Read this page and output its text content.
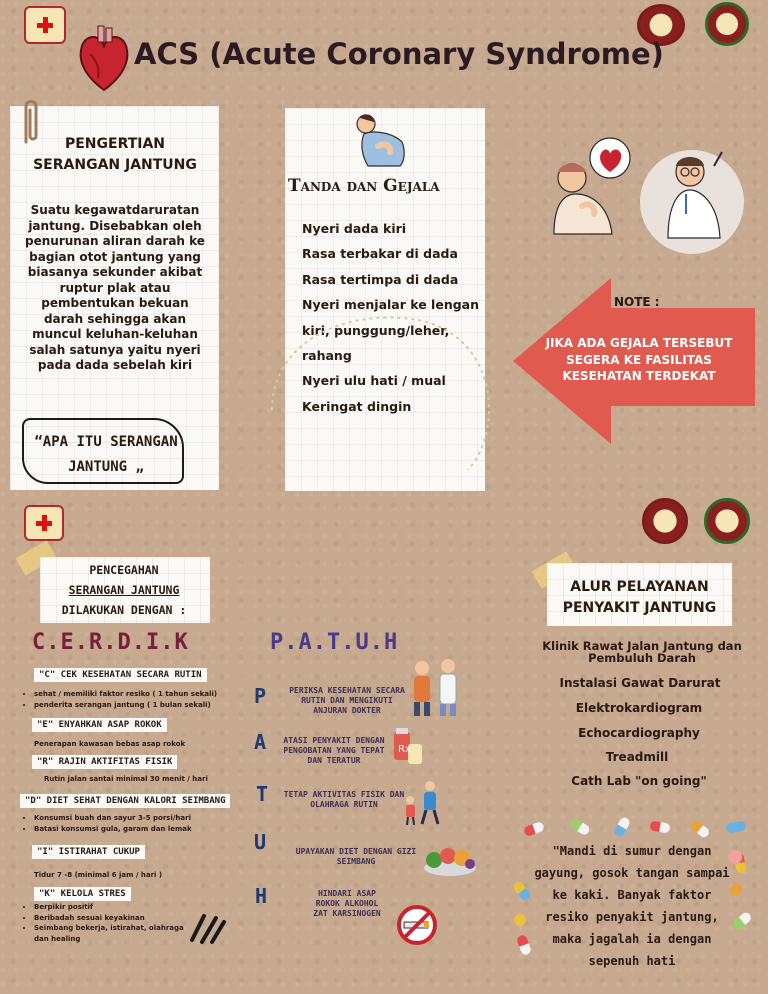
ACS (Acute Coronary Syndrome)
PENGERTIAN
SERANGAN JANTUNG
Suatu kegawatdaruratan jantung. Disebabkan oleh penurunan aliran darah ke bagian otot jantung yang biasanya sekunder akibat ruptur plak atau pembentukan bekuan darah sehingga akan muncul keluhan-keluhan salah satunya yaitu nyeri pada dada sebelah kiri
“APA ITU SERANGAN
JANTUNG „
Tanda dan Gejala
Nyeri dada kiri
Rasa terbakar di dada
Rasa tertimpa di dada
Nyeri menjalar ke lengan
kiri, punggung/leher,
rahang
Nyeri ulu hati / mual
Keringat dingin
NOTE :
JIKA ADA GEJALA TERSEBUT SEGERA KE FASILITAS KESEHATAN TERDEKAT
PENCEGAHAN
SERANGAN JANTUNG
DILAKUKAN DENGAN :
C.E.R.D.I.K
"C" CEK KESEHATAN SECARA RUTIN
• sehat / memiliki faktor resiko ( 1 tahun sekali)
• penderita serangan jantung ( 1 bulan sekali)
"E" ENYAHKAN ASAP ROKOK
Penerapan kawasan bebas asap rokok
"R" RAJIN AKTIFITAS FISIK
Rutin jalan santai minimal 30 menit / hari
"D" DIET SEHAT DENGAN KALORI SEIMBANG
• Konsumsi buah dan sayur 3-5 porsi/hari
• Batasi konsumsi gula, garam dan lemak
"I" ISTIRAHAT CUKUP
Tidur 7 -8 (minimal 6 jam / hari )
"K" KELOLA STRES
• Berpikir positif
• Beribadah sesuai keyakinan
• Seimbang bekerja, istirahat, olahraga dan healing
P.A.T.U.H
P
A
T
U
H
PERIKSA KESEHATAN SECARA RUTIN DAN MENGIKUTI ANJURAN DOKTER
ATASI PENYAKIT DENGAN PENGOBATAN YANG TEPAT DAN TERATUR
TETAP AKTIVITAS FISIK DAN OLAHRAGA RUTIN
UPAYAKAN DIET DENGAN GIZI SEIMBANG
HINDARI ASAP ROKOK ALKOHOL ZAT KARSINOGEN
Rx
ALUR PELAYANAN
PENYAKIT JANTUNG
Klinik Rawat Jalan Jantung dan Pembuluh Darah
Instalasi Gawat Darurat
Elektrokardiogram
Echocardiography
Treadmill
Cath Lab "on going"
"Mandi di sumur dengan gayung, gosok tangan sampai ke kaki. Banyak faktor resiko penyakit jantung, maka jagalah ia dengan sepenuh hati
